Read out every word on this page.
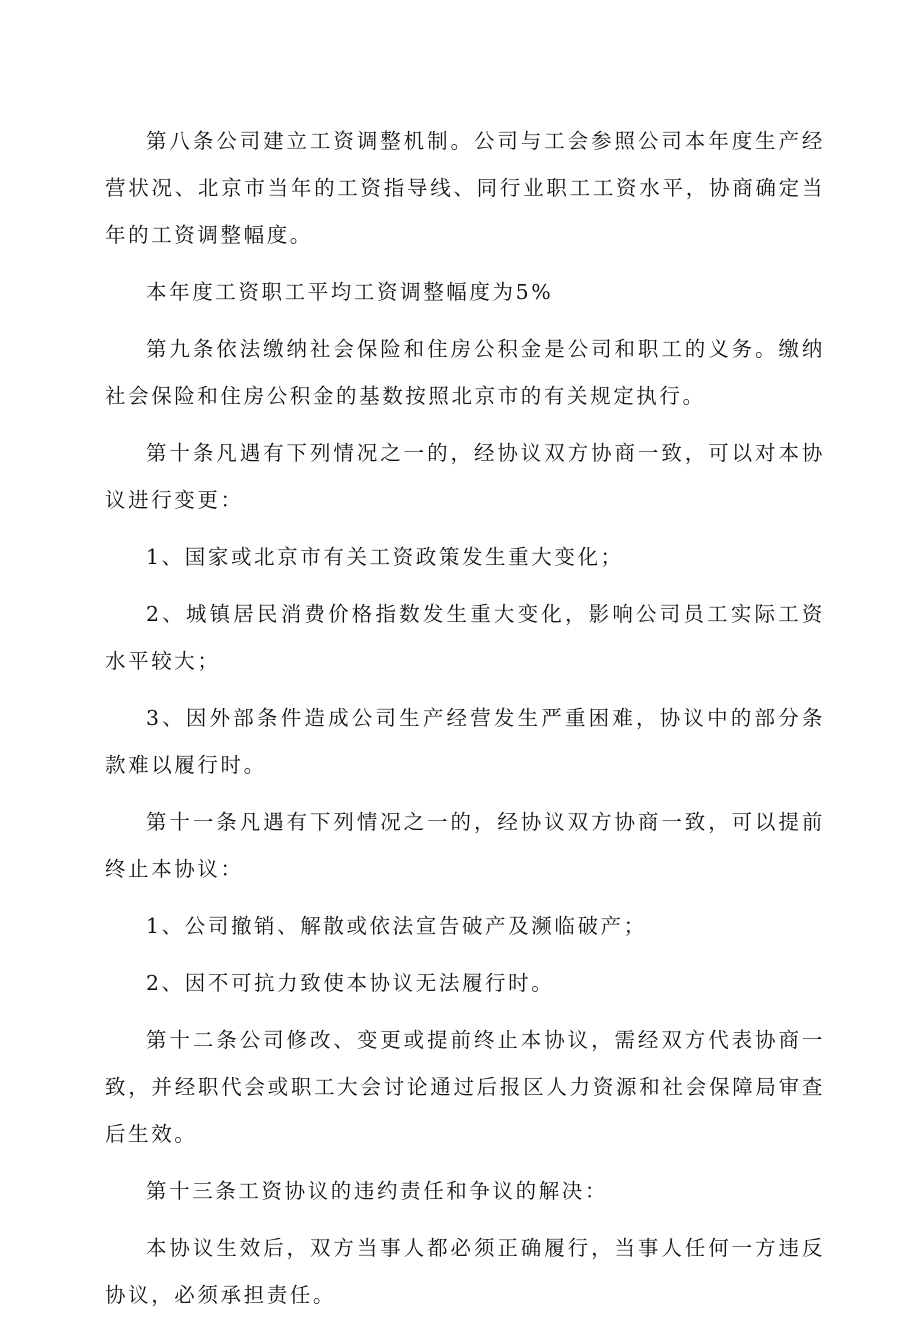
第八条公司建立工资调整机制。公司与工会参照公司本年度生产经营状况、北京市当年的工资指导线、同行业职工工资水平，协商确定当年的工资调整幅度。

本年度工资职工平均工资调整幅度为5%

第九条依法缴纳社会保险和住房公积金是公司和职工的义务。缴纳社会保险和住房公积金的基数按照北京市的有关规定执行。

第十条凡遇有下列情况之一的，经协议双方协商一致，可以对本协议进行变更：

1、国家或北京市有关工资政策发生重大变化；

2、城镇居民消费价格指数发生重大变化，影响公司员工实际工资水平较大；

3、因外部条件造成公司生产经营发生严重困难，协议中的部分条款难以履行时。

第十一条凡遇有下列情况之一的，经协议双方协商一致，可以提前终止本协议：

1、公司撤销、解散或依法宣告破产及濒临破产；

2、因不可抗力致使本协议无法履行时。

第十二条公司修改、变更或提前终止本协议，需经双方代表协商一致，并经职代会或职工大会讨论通过后报区人力资源和社会保障局审查后生效。

第十三条工资协议的违约责任和争议的解决：

本协议生效后，双方当事人都必须正确履行，当事人任何一方违反协议，必须承担责任。
